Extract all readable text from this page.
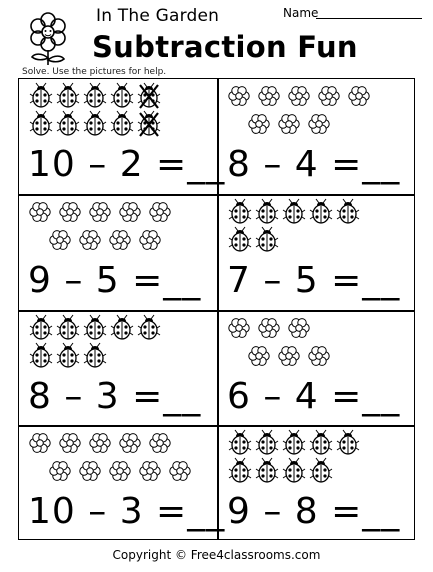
In The Garden	Name
Subtraction Fun
Solve. Use the pictures for help.
10 – 2 =__ 8 – 4 =__
9 – 5 =__ 7 – 5 =__
8 – 3 =__ 6 – 4 =__
10 – 3 =__ 9 – 8 =__
Copyright © Free4classrooms.com
